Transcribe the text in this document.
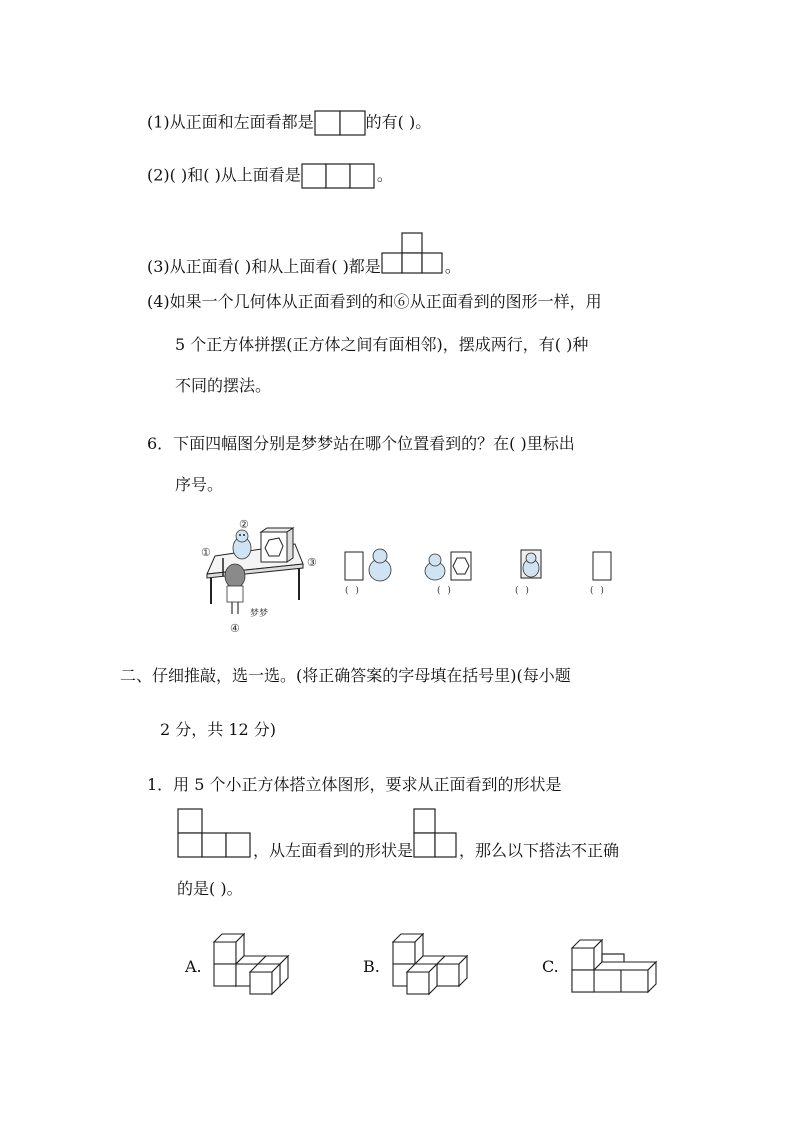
(1)从正面和左面看都是	的有( )。
(2)( )和( )从上面看是	。
(3)从正面看( )和从上面看( )都是	。
(4)如果一个几何体从正面看到的和⑥从正面看到的图形一样，用
5 个正方体拼摆(正方体之间有面相邻)，摆成两行，有( )种
不同的摆法。
6．下面四幅图分别是梦梦站在哪个位置看到的？在( )里标出
序号。
①
②
③
④
梦梦
( )	( )	( )	( )
二、仔细推敲，选一选。(将正确答案的字母填在括号里)(每小题
2 分，共 12 分)
1．用 5 个小正方体搭立体图形，要求从正面看到的形状是
，从左面看到的形状是	，那么以下搭法不正确
的是( )。
A.	B.	C.
